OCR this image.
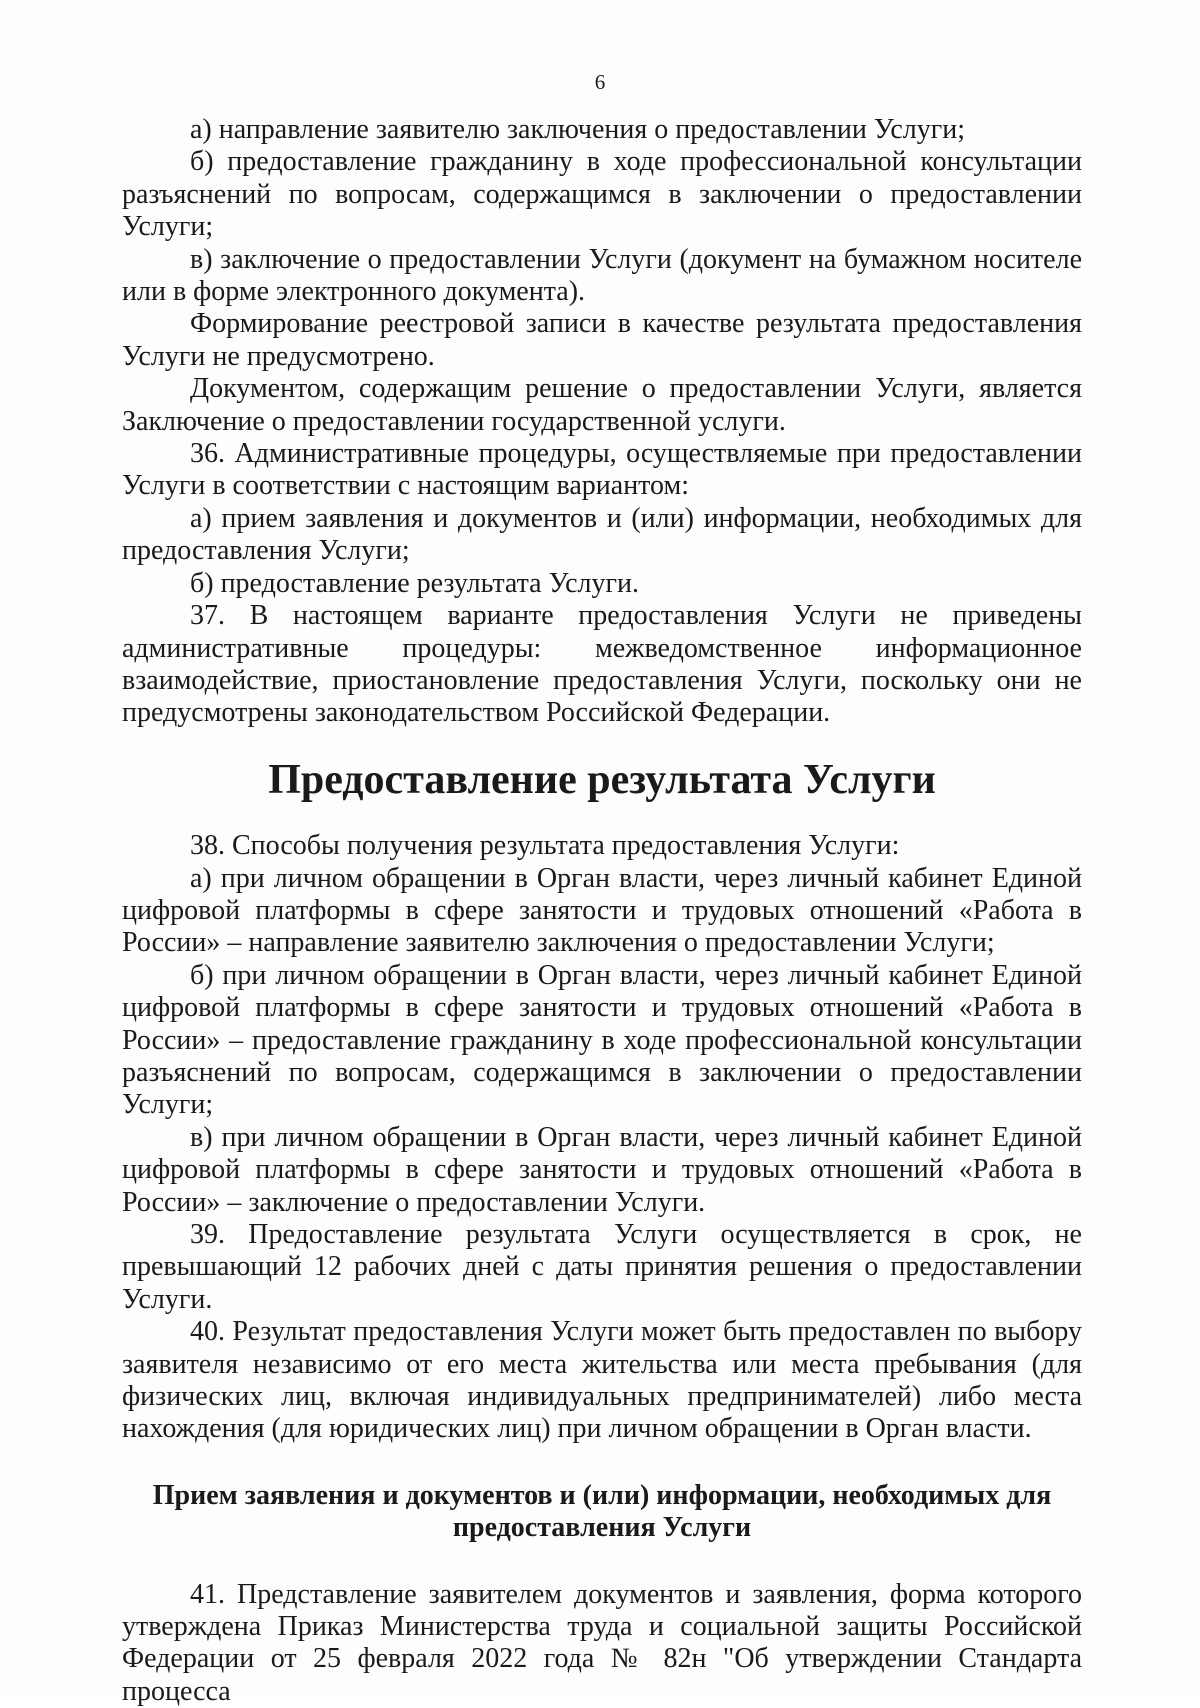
6

а) направление заявителю заключения о предоставлении Услуги;

б) предоставление гражданину в ходе профессиональной консультации разъяснений по вопросам, содержащимся в заключении о предоставлении Услуги;

в) заключение о предоставлении Услуги (документ на бумажном носителе или в форме электронного документа).

Формирование реестровой записи в качестве результата предоставления Услуги не предусмотрено.

Документом, содержащим решение о предоставлении Услуги, является Заключение о предоставлении государственной услуги.

36. Административные процедуры, осуществляемые при предоставлении Услуги в соответствии с настоящим вариантом:

а) прием заявления и документов и (или) информации, необходимых для предоставления Услуги;

б) предоставление результата Услуги.

37. В настоящем варианте предоставления Услуги не приведены административные процедуры: межведомственное информационное взаимодействие, приостановление предоставления Услуги, поскольку они не предусмотрены законодательством Российской Федерации.

Предоставление результата Услуги

38. Способы получения результата предоставления Услуги:

а) при личном обращении в Орган власти, через личный кабинет Единой цифровой платформы в сфере занятости и трудовых отношений «Работа в России» – направление заявителю заключения о предоставлении Услуги;

б) при личном обращении в Орган власти, через личный кабинет Единой цифровой платформы в сфере занятости и трудовых отношений «Работа в России» – предоставление гражданину в ходе профессиональной консультации разъяснений по вопросам, содержащимся в заключении о предоставлении Услуги;

в) при личном обращении в Орган власти, через личный кабинет Единой цифровой платформы в сфере занятости и трудовых отношений «Работа в России» – заключение о предоставлении Услуги.

39. Предоставление результата Услуги осуществляется в срок, не превышающий 12 рабочих дней с даты принятия решения о предоставлении Услуги.

40. Результат предоставления Услуги может быть предоставлен по выбору заявителя независимо от его места жительства или места пребывания (для физических лиц, включая индивидуальных предпринимателей) либо места нахождения (для юридических лиц) при личном обращении в Орган власти.

Прием заявления и документов и (или) информации, необходимых для
предоставления Услуги

41. Представление заявителем документов и заявления, форма которого утверждена Приказ Министерства труда и социальной защиты Российской Федерации от 25 февраля 2022 года № 82н "Об утверждении Стандарта процесса
